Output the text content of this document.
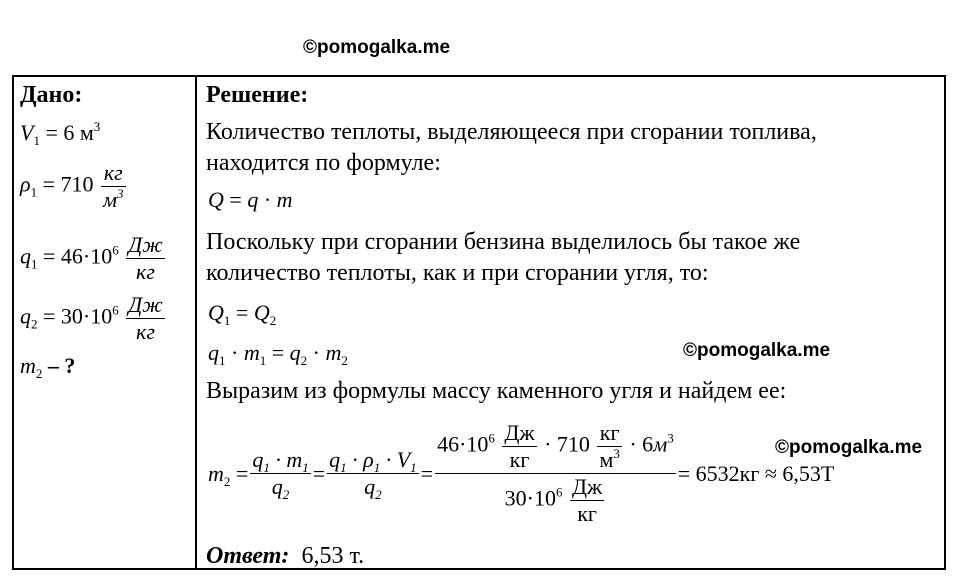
©pomogalka.me
©pomogalka.me
©pomogalka.me
Дано:
$V_1 = 6$ $м^3$
$\rho_1 = 710 \frac{кг}{м^3}$
$q_1 = 46\cdot 10^6 \frac{Дж}{кг}$
$q_2 = 30\cdot 10^6 \frac{Дж}{кг}$
$m_2$ – ?
Решение:
Количество теплоты, выделяющееся при сгорании топлива,
находится по формуле:
Q = q · m
Поскольку при сгорании бензина выделилось бы такое же
количество теплоты, как и при сгорании угля, то:
$Q_1 = Q_2$
$q_1 \cdot m_1 = q_2 \cdot m_2$
Выразим из формулы массу каменного угля и найдем ее:
$m_2 = \frac{q_1 \cdot m_1}{q_2} = \frac{q_1 \cdot \rho_1 \cdot V_1}{q_2} = \frac{46\cdot 10^6 \frac{Дж}{кг} \cdot 710 \frac{кг}{м^3} \cdot 6м^3}{30\cdot 10^6 \frac{Дж}{кг}} = 6532кг \approx 6,53Т$
Ответ: 6,53 т.
